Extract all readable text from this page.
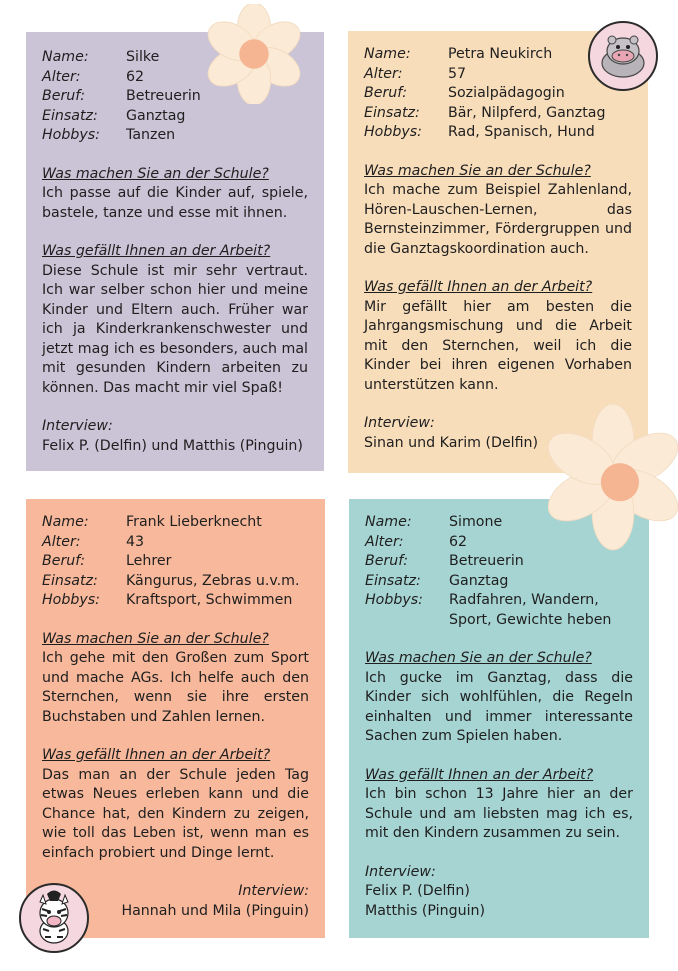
Name:	Silke
Alter:	62
Beruf:	Betreuerin
Einsatz:	Ganztag
Hobbys:	Tanzen
Was machen Sie an der Schule?
Ich passe auf die Kinder auf, spiele, bastele, tanze und esse mit ihnen.
Was gefällt Ihnen an der Arbeit?
Diese Schule ist mir sehr vertraut. Ich war selber schon hier und meine Kinder und Eltern auch. Früher war ich ja Kinderkrankenschwester und jetzt mag ich es besonders, auch mal mit gesunden Kindern arbeiten zu können. Das macht mir viel Spaß!
Interview:
Felix P. (Delfin) und Matthis (Pinguin)
Name:	Petra Neukirch
Alter:	57
Beruf:	Sozialpädagogin
Einsatz:	Bär, Nilpferd, Ganztag
Hobbys:	Rad, Spanisch, Hund
Was machen Sie an der Schule?
Ich mache zum Beispiel Zahlenland, Hören-Lauschen-Lernen, das Bernsteinzimmer, Fördergruppen und die Ganztagskoordination auch.
Was gefällt Ihnen an der Arbeit?
Mir gefällt hier am besten die Jahrgangsmischung und die Arbeit mit den Sternchen, weil ich die Kinder bei ihren eigenen Vorhaben unterstützen kann.
Interview:
Sinan und Karim (Delfin)
Name:	Frank Lieberknecht
Alter:	43
Beruf:	Lehrer
Einsatz:	Kängurus, Zebras u.v.m.
Hobbys:	Kraftsport, Schwimmen
Was machen Sie an der Schule?
Ich gehe mit den Großen zum Sport und mache AGs. Ich helfe auch den Sternchen, wenn sie ihre ersten Buchstaben und Zahlen lernen.
Was gefällt Ihnen an der Arbeit?
Das man an der Schule jeden Tag etwas Neues erleben kann und die Chance hat, den Kindern zu zeigen, wie toll das Leben ist, wenn man es einfach probiert und Dinge lernt.
Interview:
Hannah und Mila (Pinguin)
Name:	Simone
Alter:	62
Beruf:	Betreuerin
Einsatz:	Ganztag
Hobbys:	Radfahren, Wandern, Sport, Gewichte heben
Was machen Sie an der Schule?
Ich gucke im Ganztag, dass die Kinder sich wohlfühlen, die Regeln einhalten und immer interessante Sachen zum Spielen haben.
Was gefällt Ihnen an der Arbeit?
Ich bin schon 13 Jahre hier an der Schule und am liebsten mag ich es, mit den Kindern zusammen zu sein.
Interview:
Felix P. (Delfin)
Matthis (Pinguin)
